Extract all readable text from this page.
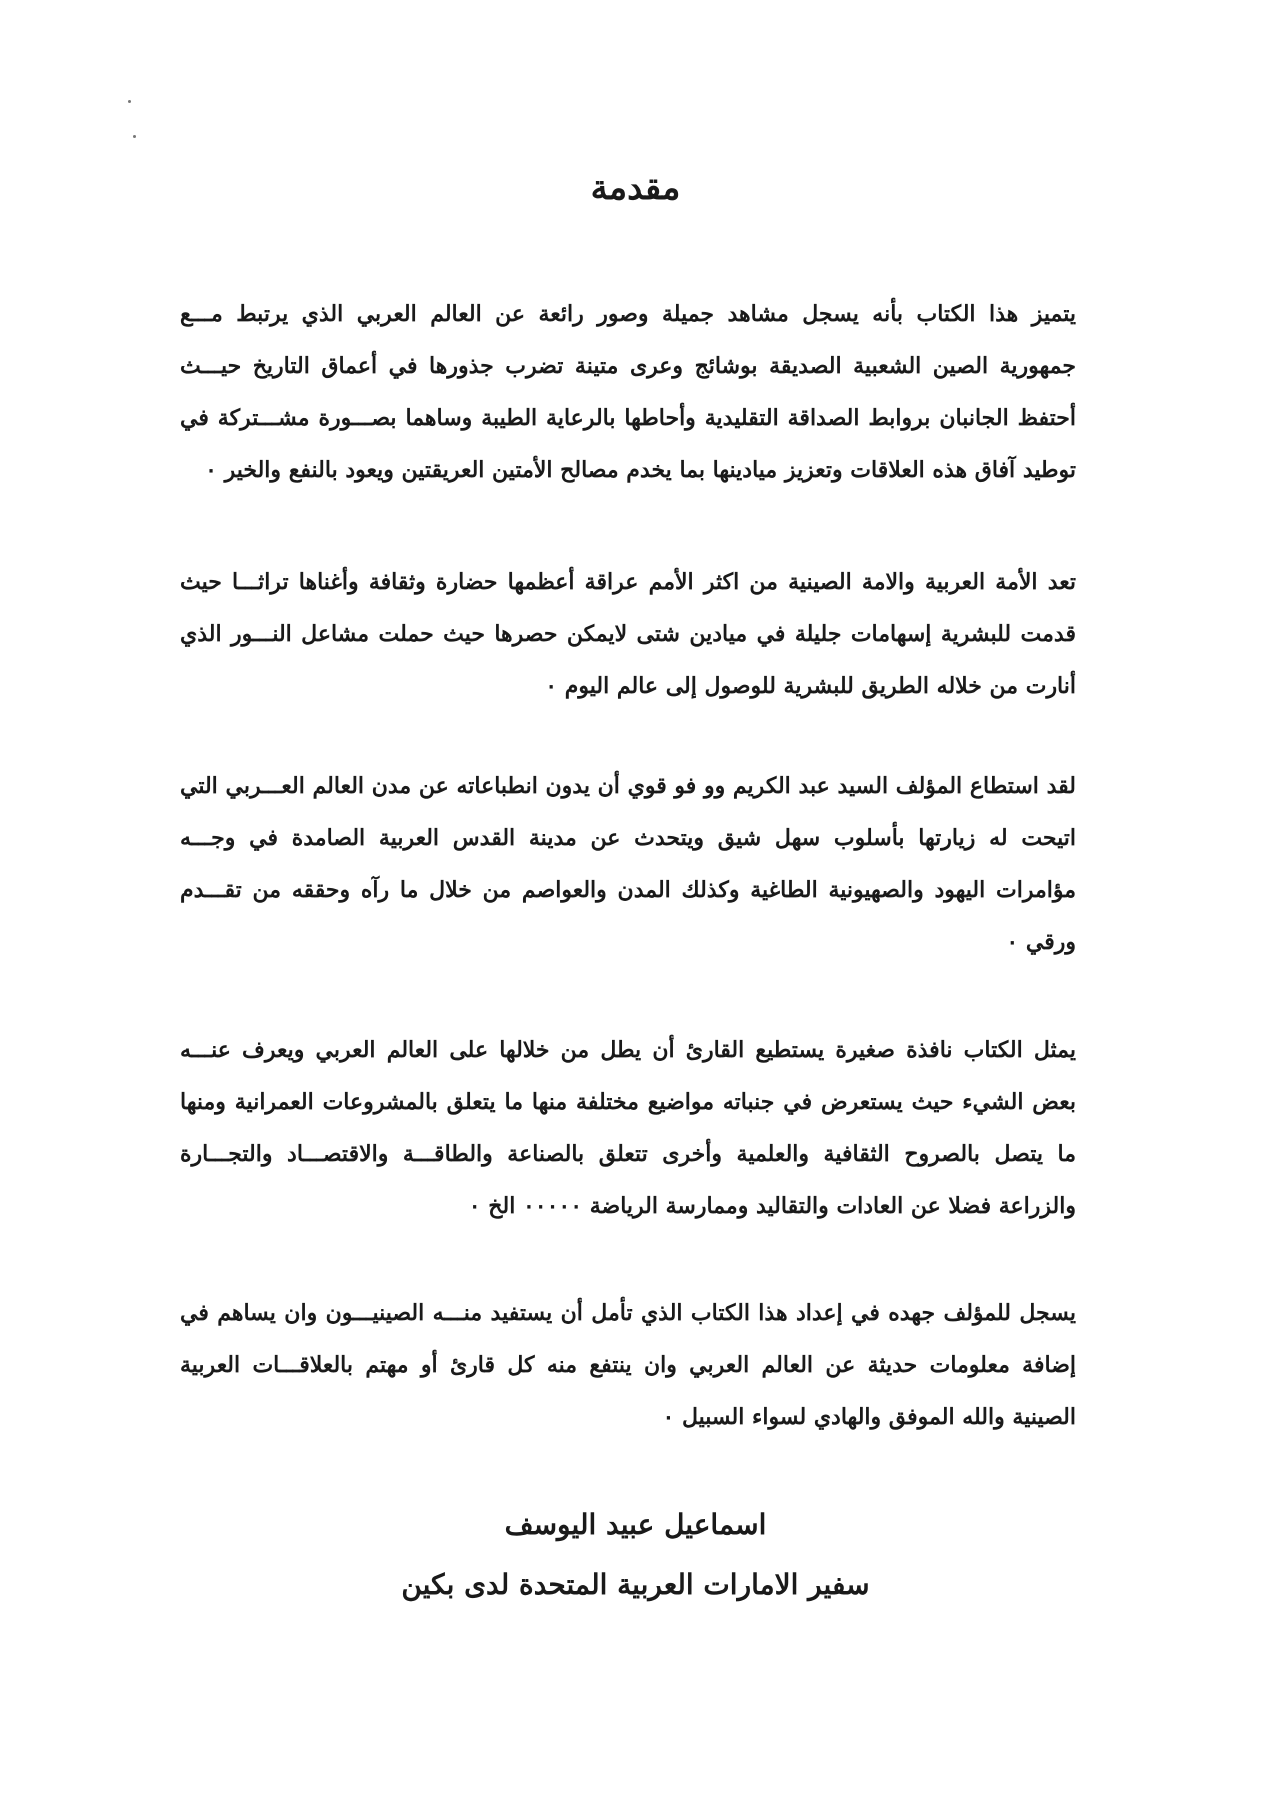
مقدمة

يتميز هذا الكتاب بأنه يسجل مشاهد جميلة وصور رائعة عن العالم العربي الذي يرتبط مـــع جمهورية الصين الشعبية الصديقة بوشائج وعرى متينة تضرب جذورها في أعماق التاريخ حيـــث أحتفظ الجانبان بروابط الصداقة التقليدية وأحاطها بالرعاية الطيبة وساهما بصـــورة مشـــتركة في توطيد آفاق هذه العلاقات وتعزيز ميادينها بما يخدم مصالح الأمتين العريقتين ويعود بالنفع والخير ٠

تعد الأمة العربية والامة الصينية من اكثر الأمم عراقة أعظمها حضارة وثقافة وأغناها تراثـــا حيث قدمت للبشرية إسهامات جليلة في ميادين شتى لايمكن حصرها حيث حملت مشاعل النـــور الذي أنارت من خلاله الطريق للبشرية للوصول إلى عالم اليوم ٠

لقد استطاع المؤلف السيد عبد الكريم وو فو قوي أن يدون انطباعاته عن مدن العالم العـــربي التي اتيحت له زيارتها بأسلوب سهل شيق ويتحدث عن مدينة القدس العربية الصامدة في وجـــه مؤامرات اليهود والصهيونية الطاغية وكذلك المدن والعواصم من خلال ما رآه وحققه من تقـــدم ورقي ٠

يمثل الكتاب نافذة صغيرة يستطيع القارئ أن يطل من خلالها على العالم العربي ويعرف عنـــه بعض الشيء حيث يستعرض في جنباته مواضيع مختلفة منها ما يتعلق بالمشروعات العمرانية ومنها ما يتصل بالصروح الثقافية والعلمية وأخرى تتعلق بالصناعة والطاقـــة والاقتصـــاد والتجـــارة والزراعة فضلا عن العادات والتقاليد وممارسة الرياضة ٠٠٠٠٠ الخ ٠

يسجل للمؤلف جهده في إعداد هذا الكتاب الذي تأمل أن يستفيد منـــه الصينيـــون وان يساهم في إضافة معلومات حديثة عن العالم العربي وان ينتفع منه كل قارئ أو مهتم بالعلاقـــات العربية الصينية والله الموفق والهادي لسواء السبيل ٠

اسماعيل عبيد اليوسف

سفير الامارات العربية المتحدة لدى بكين
